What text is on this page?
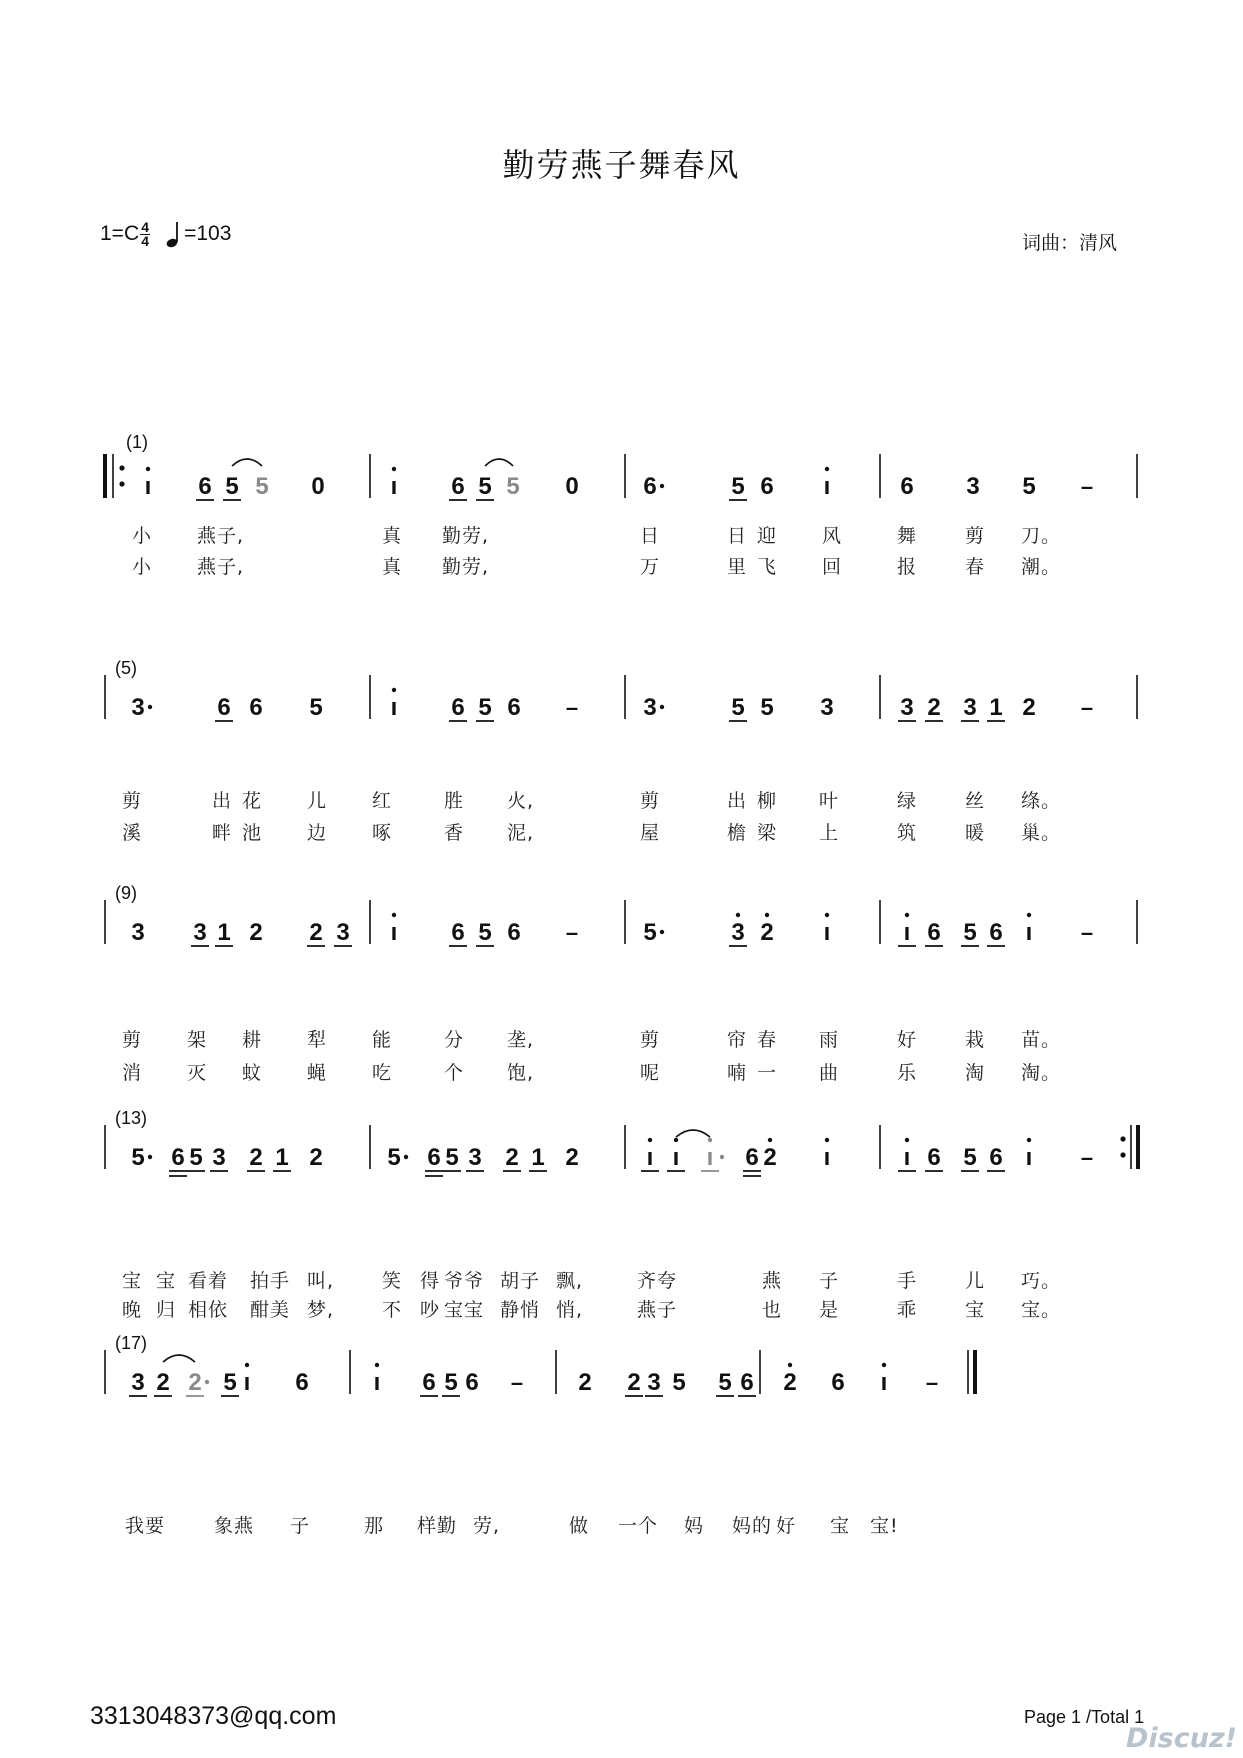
勤劳燕子舞春风
1=C 4
4 =103	词曲：清风
(1)
ı 6 5 5 0	ı 6 5 5 0	6	5 6 ı	6 3 5 –
小 燕子,	真 勤劳,	日	日 迎 风	舞	剪 刀。
小 燕子,	真 勤劳,	万	里 飞 回	报	春 潮。
(5)
3	6 6 5	ı 6 5 6 –	3	5 5 3	3 2 3 1 2 –
剪	出 花 儿 红	胜 火,	剪	出 柳 叶	绿	丝 绦。
溪	畔 池 边 啄	香 泥,	屋	檐 梁 上	筑	暖 巢。
(9)
3 3 1 2 2 3 ı 6 5 6 –	5	3 2 ı	ı 6 5 6 ı –
剪 架 耕 犁 能	分 垄,	剪	帘 春 雨	好	栽 苗。
消 灭 蚊 蝇 吃	个 饱,	呢	喃 一 曲	乐	淘 淘。
(13)
5 6 5 3 2 1 2	5 6 5 3 2 1 2	ı ı ı 6 2 ı	ı 6 5 6 ı –
宝 宝 看着 拍手 叫,	笑 得 爷爷 胡子 飘,	齐夸	燕 子	手	儿 巧。
晚 归 相依 酣美 梦,	不 吵 宝宝 静悄 悄,	燕子	也 是	乖	宝 宝。
(17)
3 2 2 5 ı 6	ı 6 5 6 – 2 2 3 5 5 6 2 6 ı –
我要	象燕 子	那 样勤 劳,	做 一个 妈 妈的 好 宝 宝!
3313048373@qq.com	Page 1 /Total 1
Discuz!
